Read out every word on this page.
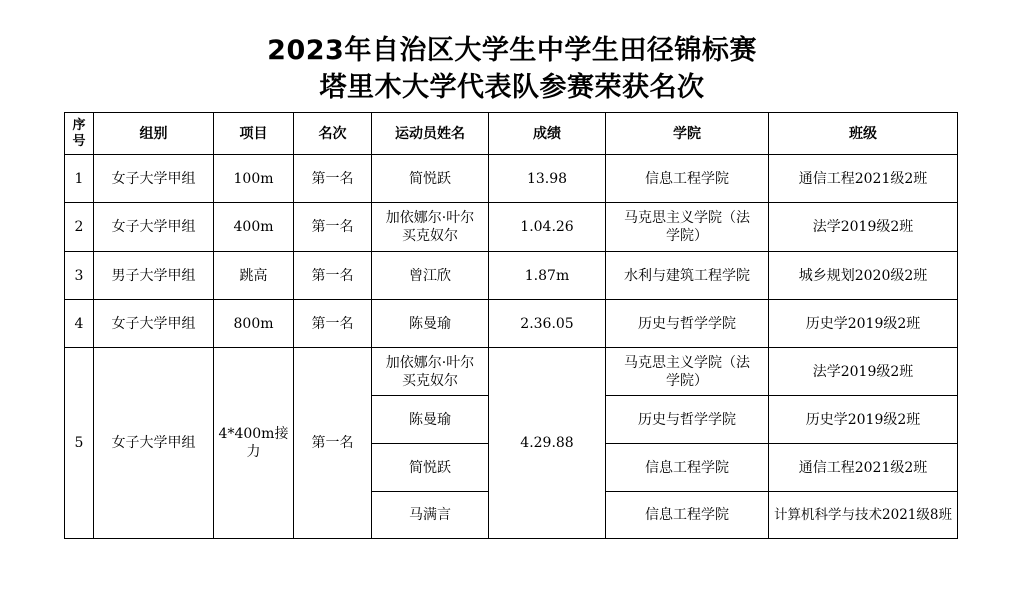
2023年自治区大学生中学生田径锦标赛
塔里木大学代表队参赛荣获名次
序号	组别	项目	名次	运动员姓名	成绩	学院	班级
1	女子大学甲组	100m	第一名	简悦跃	13.98	信息工程学院	通信工程2021级2班
2	女子大学甲组	400m	第一名	加依娜尔·叶尔买克奴尔	1.04.26	马克思主义学院（法学院）	法学2019级2班
3	男子大学甲组	跳高	第一名	曾江欣	1.87m	水利与建筑工程学院	城乡规划2020级2班
4	女子大学甲组	800m	第一名	陈曼瑜	2.36.05	历史与哲学学院	历史学2019级2班
5	女子大学甲组	4*400m接力	第一名	加依娜尔·叶尔买克奴尔	4.29.88	马克思主义学院（法学院）	法学2019级2班
				陈曼瑜		历史与哲学学院	历史学2019级2班
				简悦跃		信息工程学院	通信工程2021级2班
				马满言		信息工程学院	计算机科学与技术2021级8班
